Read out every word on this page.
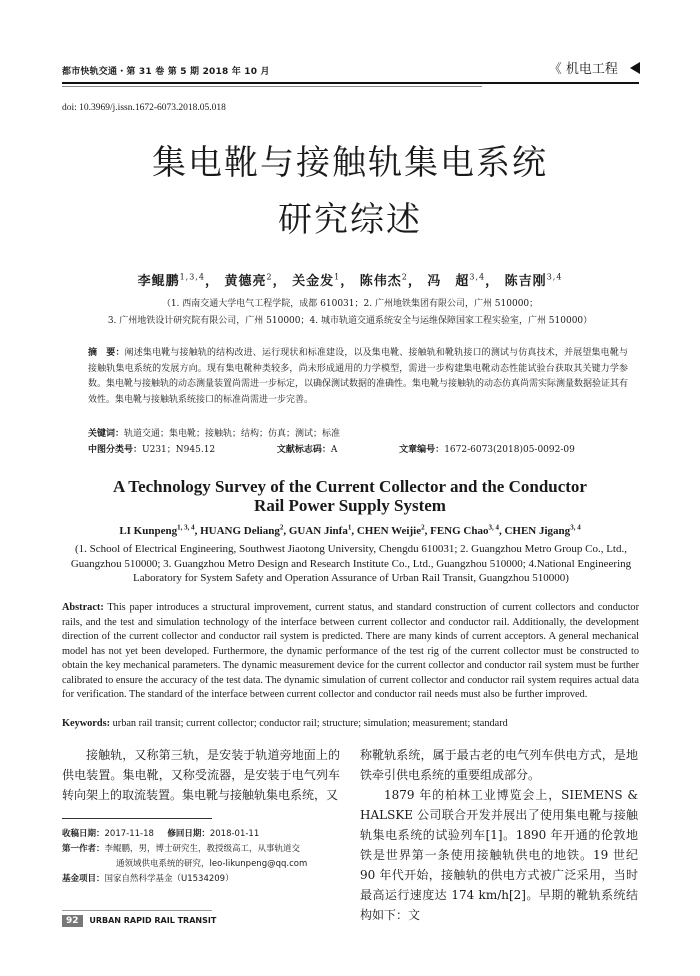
都市快轨交通・第 31 卷 第 5 期 2018 年 10 月	《 机电工程
doi: 10.3969/j.issn.1672-6073.2018.05.018
集电靴与接触轨集电系统
研究综述
李鲲鹏$^{1,3,4}$， 黄德亮$^2$， 关金发$^1$， 陈伟杰$^2$， 冯　超$^{3,4}$， 陈吉刚$^{3,4}$
（1. 西南交通大学电气工程学院，成都 610031；2. 广州地铁集团有限公司，广州 510000；
3. 广州地铁设计研究院有限公司，广州 510000；4. 城市轨道交通系统安全与运维保障国家工程实验室，广州 510000）
摘　要：阐述集电靴与接触轨的结构改进、运行现状和标准建设，以及集电靴、接触轨和靴轨接口的测试与仿真技术，并展望集电靴与接触轨集电系统的发展方向。现有集电靴种类较多，尚未形成通用的力学模型，需进一步构建集电靴动态性能试验台获取其关键力学参数。集电靴与接触轨的动态测量装置尚需进一步标定，以确保测试数据的准确性。集电靴与接触轨的动态仿真尚需实际测量数据验证其有效性。集电靴与接触轨系统接口的标准尚需进一步完善。
关键词：轨道交通；集电靴；接触轨；结构；仿真；测试；标准
中图分类号：U231；N945.12	文献标志码：A	文章编号：1672-6073(2018)05-0092-09
A Technology Survey of the Current Collector and the Conductor
Rail Power Supply System
LI Kunpeng$^{1, 3, 4}$, HUANG Deliang$^2$, GUAN Jinfa$^1$, CHEN Weijie$^2$, FENG Chao$^{3, 4}$, CHEN Jigang$^{3, 4}$
(1. School of Electrical Engineering, Southwest Jiaotong University, Chengdu 610031; 2. Guangzhou Metro Group Co., Ltd., Guangzhou 510000; 3. Guangzhou Metro Design and Research Institute Co., Ltd., Guangzhou 510000; 4.National Engineering Laboratory for System Safety and Operation Assurance of Urban Rail Transit, Guangzhou 510000)
Abstract: This paper introduces a structural improvement, current status, and standard construction of current collectors and conductor rails, and the test and simulation technology of the interface between current collector and conductor rail. Additionally, the development direction of the current collector and conductor rail system is predicted. There are many kinds of current acceptors. A general mechanical model has not yet been developed. Furthermore, the dynamic performance of the test rig of the current collector must be constructed to obtain the key mechanical parameters. The dynamic measurement device for the current collector and conductor rail system must be further calibrated to ensure the accuracy of the test data. The dynamic simulation of current collector and conductor rail system requires actual data for verification. The standard of the interface between current collector and conductor rail needs must also be further improved.
Keywords: urban rail transit; current collector; conductor rail; structure; simulation; measurement; standard

接触轨，又称第三轨，是安装于轨道旁地面上的供电装置。集电靴，又称受流器，是安装于电气列车转向架上的取流装置。集电靴与接触轨集电系统，又

称靴轨系统，属于最古老的电气列车供电方式，是地铁牵引供电系统的重要组成部分。

1879 年的柏林工业博览会上，SIEMENS & HALSKE 公司联合开发并展出了使用集电靴与接触轨集电系统的试验列车[1]。1890 年开通的伦敦地铁是世界第一条使用接触轨供电的地铁。19 世纪 90 年代开始，接触轨的供电方式被广泛采用，当时最高运行速度达 174 km/h[2]。早期的靴轨系统结构如下：文

收稿日期：2017-11-18 修回日期：2018-01-11
第一作者：李鲲鹏，男，博士研究生，教授级高工，从事轨道交
通领域供电系统的研究，leo-likunpeng@qq.com
基金项目：国家自然科学基金（U1534209）
92 URBAN RAPID RAIL TRANSIT
